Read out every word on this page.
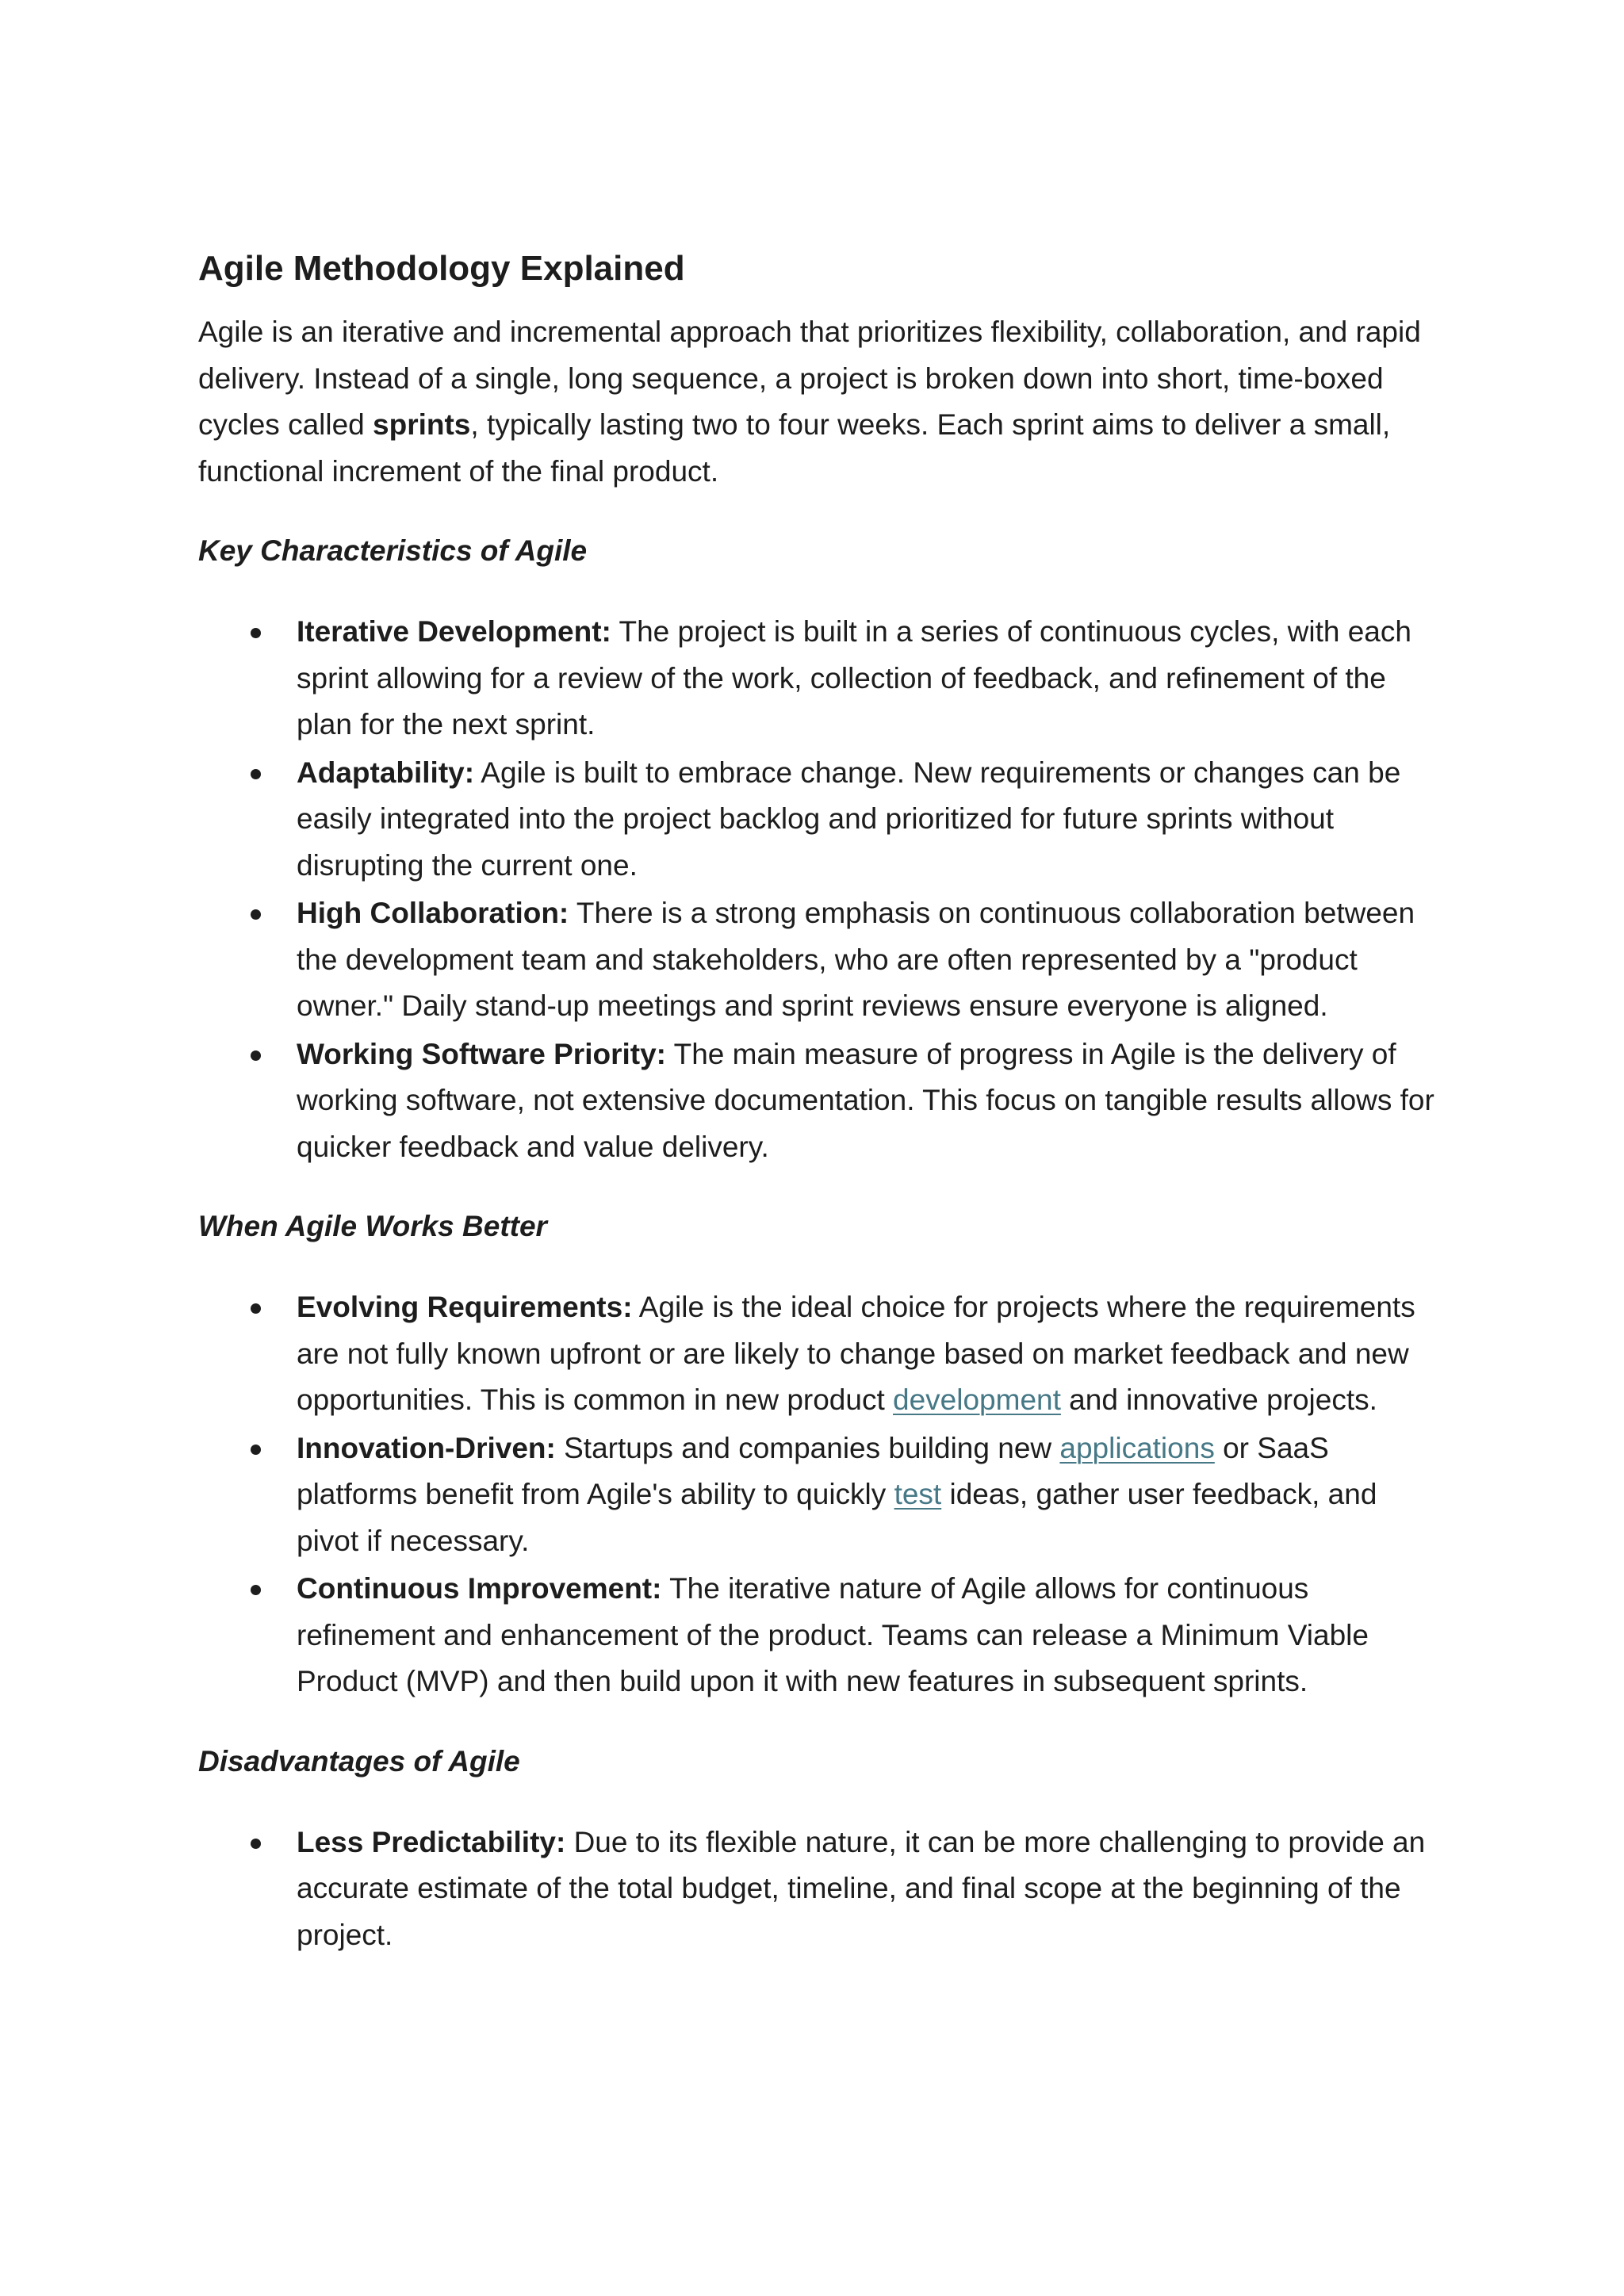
Agile Methodology Explained

Agile is an iterative and incremental approach that prioritizes flexibility, collaboration, and rapid delivery. Instead of a single, long sequence, a project is broken down into short, time-boxed cycles called sprints, typically lasting two to four weeks. Each sprint aims to deliver a small, functional increment of the final product.

Key Characteristics of Agile
Iterative Development: The project is built in a series of continuous cycles, with each sprint allowing for a review of the work, collection of feedback, and refinement of the plan for the next sprint.
Adaptability: Agile is built to embrace change. New requirements or changes can be easily integrated into the project backlog and prioritized for future sprints without disrupting the current one.
High Collaboration: There is a strong emphasis on continuous collaboration between the development team and stakeholders, who are often represented by a "product owner." Daily stand-up meetings and sprint reviews ensure everyone is aligned.
Working Software Priority: The main measure of progress in Agile is the delivery of working software, not extensive documentation. This focus on tangible results allows for quicker feedback and value delivery.
When Agile Works Better
Evolving Requirements: Agile is the ideal choice for projects where the requirements are not fully known upfront or are likely to change based on market feedback and new opportunities. This is common in new product development and innovative projects.
Innovation-Driven: Startups and companies building new applications or SaaS platforms benefit from Agile's ability to quickly test ideas, gather user feedback, and pivot if necessary.
Continuous Improvement: The iterative nature of Agile allows for continuous refinement and enhancement of the product. Teams can release a Minimum Viable Product (MVP) and then build upon it with new features in subsequent sprints.
Disadvantages of Agile
Less Predictability: Due to its flexible nature, it can be more challenging to provide an accurate estimate of the total budget, timeline, and final scope at the beginning of the project.
